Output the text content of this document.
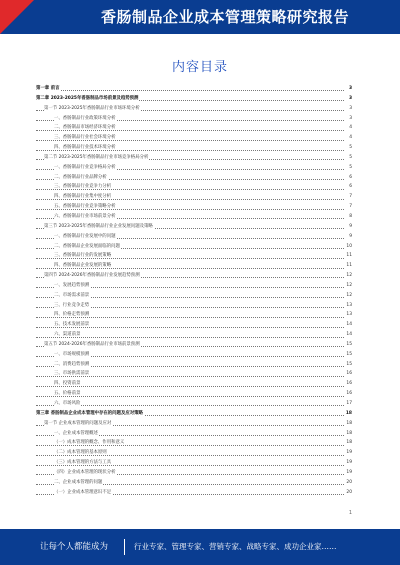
香肠制品企业成本管理策略研究报告
内容目录
第一章 前言	3
第二章 2023-2025年香肠制品市场前景及趋势预测	3
第一节 2023-2025年香肠制品行业市场环境分析	3
一、香肠制品行业政策环境分析	3
二、香肠制品市场经济环境分析	4
三、香肠制品行业社会环境分析	4
四、香肠制品行业技术环境分析	5
第二节 2023-2025年香肠制品行业市场竞争格局分析	5
一、香肠制品行业竞争格局分析	5
二、香肠制品行业品牌分析	6
三、香肠制品行业竞争力分析	6
四、香肠制品行业集中度分析	7
五、香肠制品行业竞争策略分析	7
六、香肠制品行业市场前景分析	8
第三节 2023-2025年香肠制品行业企业发展问题及策略	9
一、香肠制品行业发展中的问题	9
二、香肠制品企业发展面临的问题	10
三、香肠制品行业的发展策略	11
四、香肠制品企业发展的策略	11
第四节 2024-2026年香肠制品行业发展趋势预测	12
一、发展趋势预测	12
二、市场需求前景	12
三、行业竞争走势	13
四、价格走势预测	13
五、技术发展前景	14
六、渠道前景	14
第五节 2024-2026年香肠制品行业市场前景预测	15
一、市场规模预测	15
二、消费趋势预测	15
三、市场供需前景	16
四、投资前景	16
五、价格前景	16
六、市场风险	17
第三章 香肠制品企业成本管理中存在的问题及应对策略	18
第一节 企业成本管理的问题及应对	18
一、企业成本管理概述	18
（一）成本管理的概念、作用和意义	18
（二）成本管理的基本原则	19
（三）成本管理的方法与工具	19
（四）企业成本管理的现状分析	19
二、企业成本管理的问题	20
（一）企业成本管理意识不足	20
1
让每个人都能成为	行业专家、管理专家、营销专家、战略专家、成功企业家……
